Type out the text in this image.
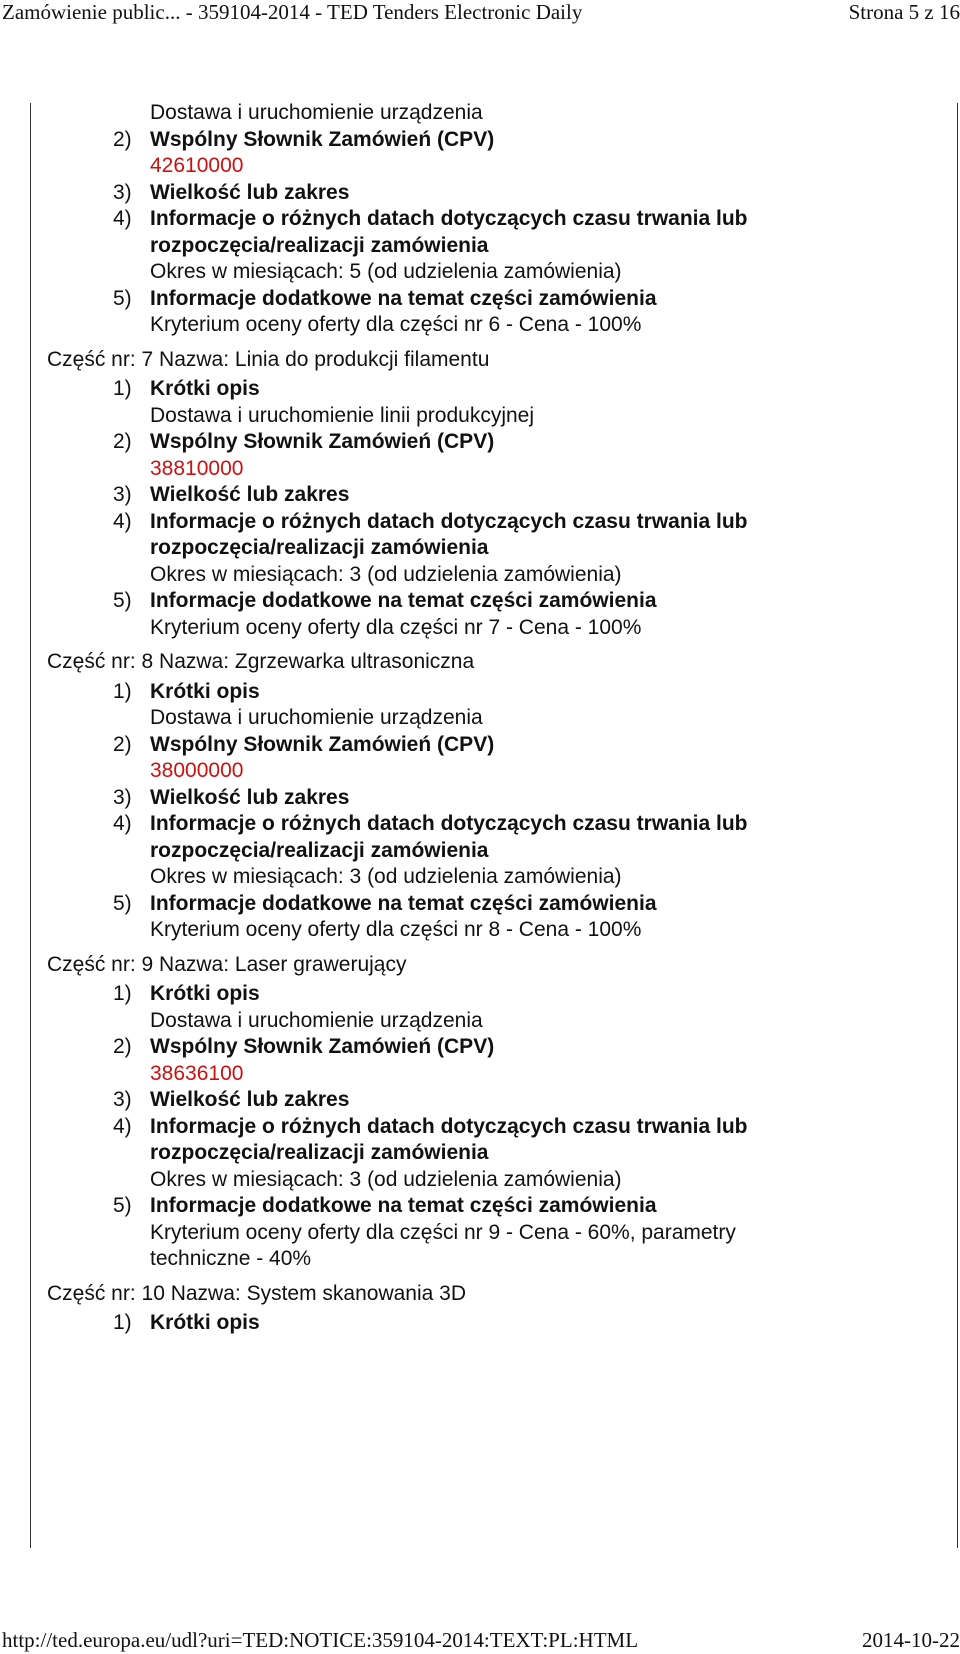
Zamówienie public... - 359104-2014 - TED Tenders Electronic Daily	Strona 5 z 16
Dostawa i uruchomienie urządzenia
2) Wspólny Słownik Zamówień (CPV)
42610000
3) Wielkość lub zakres
4) Informacje o różnych datach dotyczących czasu trwania lub
rozpoczęcia/realizacji zamówienia
Okres w miesiącach: 5 (od udzielenia zamówienia)
5) Informacje dodatkowe na temat części zamówienia
Kryterium oceny oferty dla części nr 6 - Cena - 100%
Część nr: 7 Nazwa: Linia do produkcji filamentu
1) Krótki opis
Dostawa i uruchomienie linii produkcyjnej
2) Wspólny Słownik Zamówień (CPV)
38810000
3) Wielkość lub zakres
4) Informacje o różnych datach dotyczących czasu trwania lub
rozpoczęcia/realizacji zamówienia
Okres w miesiącach: 3 (od udzielenia zamówienia)
5) Informacje dodatkowe na temat części zamówienia
Kryterium oceny oferty dla części nr 7 - Cena - 100%
Część nr: 8 Nazwa: Zgrzewarka ultrasoniczna
1) Krótki opis
Dostawa i uruchomienie urządzenia
2) Wspólny Słownik Zamówień (CPV)
38000000
3) Wielkość lub zakres
4) Informacje o różnych datach dotyczących czasu trwania lub
rozpoczęcia/realizacji zamówienia
Okres w miesiącach: 3 (od udzielenia zamówienia)
5) Informacje dodatkowe na temat części zamówienia
Kryterium oceny oferty dla części nr 8 - Cena - 100%
Część nr: 9 Nazwa: Laser grawerujący
1) Krótki opis
Dostawa i uruchomienie urządzenia
2) Wspólny Słownik Zamówień (CPV)
38636100
3) Wielkość lub zakres
4) Informacje o różnych datach dotyczących czasu trwania lub
rozpoczęcia/realizacji zamówienia
Okres w miesiącach: 3 (od udzielenia zamówienia)
5) Informacje dodatkowe na temat części zamówienia
Kryterium oceny oferty dla części nr 9 - Cena - 60%, parametry
techniczne - 40%
Część nr: 10 Nazwa: System skanowania 3D
1) Krótki opis
http://ted.europa.eu/udl?uri=TED:NOTICE:359104-2014:TEXT:PL:HTML	2014-10-22
